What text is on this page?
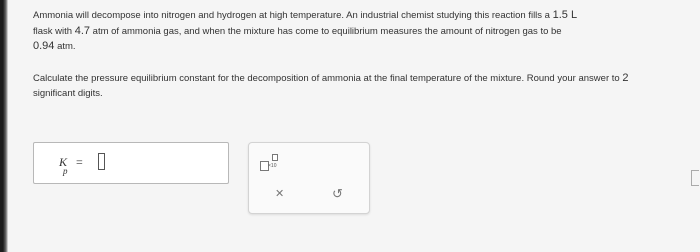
Ammonia will decompose into nitrogen and hydrogen at high temperature. An industrial chemist studying this reaction fills a 1.5 L
flask with 4.7 atm of ammonia gas, and when the mixture has come to equilibrium measures the amount of nitrogen gas to be
0.94 atm.

Calculate the pressure equilibrium constant for the decomposition of ammonia at the final temperature of the mixture. Round your answer to 2 significant digits.

K
p
=	×10
✕	↺
